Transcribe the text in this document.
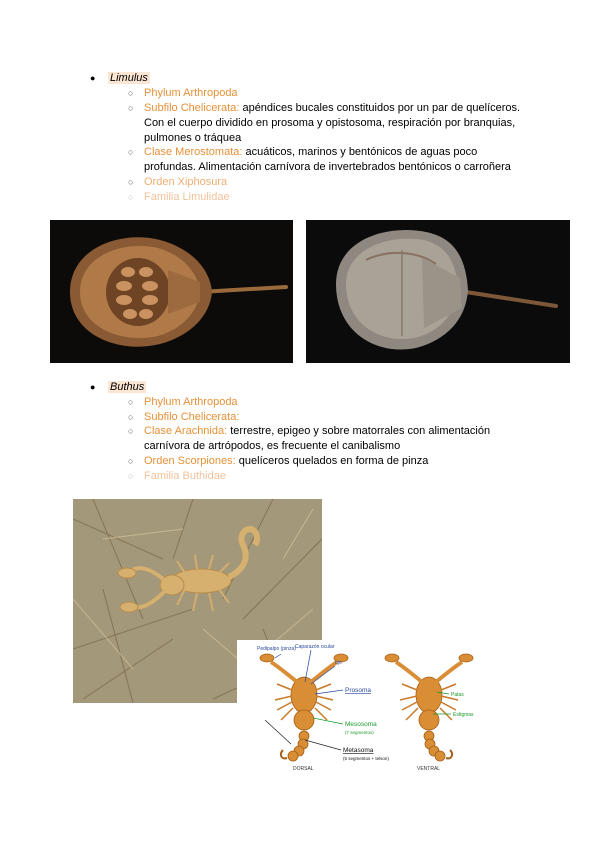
● Limulus
○ Phylum Arthropoda
○ Subfilo Chelicerata: apéndices bucales constituidos por un par de quelíceros.
Con el cuerpo dividido en prosoma y opistosoma, respiración por branquias,
pulmones o tráquea
○ Clase Merostomata: acuáticos, marinos y bentónicos de aguas poco
profundas. Alimentación carnívora de invertebrados bentónicos o carroñera
○ Orden Xiphosura
○ Familia Limulidae
● Buthus
○ Phylum Arthropoda
○ Subfilo Chelicerata:
○ Clase Arachnida: terrestre, epigeo y sobre matorrales con alimentación
carnívora de artrópodos, es frecuente el canibalismo
○ Orden Scorpiones: quelíceros quelados en forma de pinza
○ Familia Buthidae
Pedipalpo (pinza) Caparazón ocular
ojo
Prosoma
Mesosoma
(7 segmentos)
Metasoma
(5 segmentos + telson)
Patas
Estigmas
DORSAL	VENTRAL
